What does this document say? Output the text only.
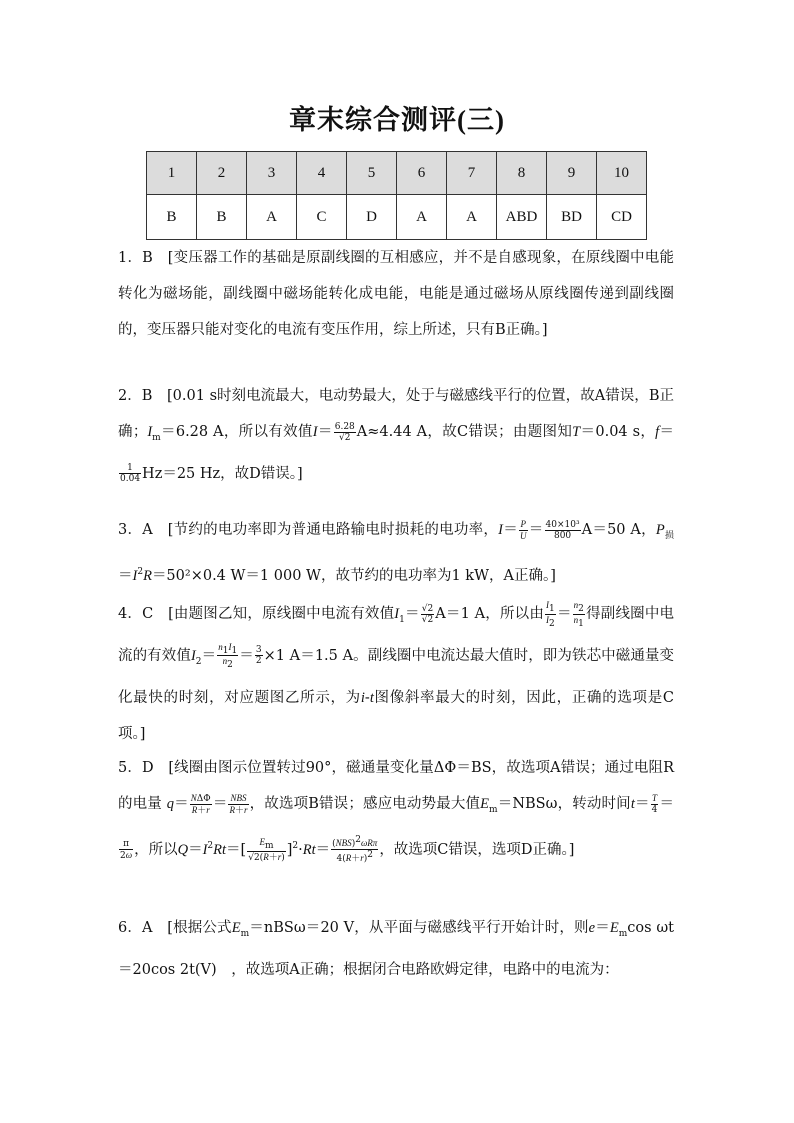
章末综合测评(三)
1	2	3	4	5	6	7	8	9	10
B	B	A	C	D	A	A	ABD	BD	CD

1．B　[变压器工作的基础是原副线圈的互相感应，并不是自感现象，在原线圈中电能转化为磁场能，副线圈中磁场能转化成电能，电能是通过磁场从原线圈传递到副线圈的，变压器只能对变化的电流有变压作用，综上所述，只有B正确。]

2．B　[0.01 s时刻电流最大，电动势最大，处于与磁感线平行的位置，故A错误，B正确；$I_m=6.28$ A，所以有效值$I= \frac{6.28}{√2} A\approx 4.44$ A，故C错误；由题图知T＝0.04 s，f＝
$\frac{1}{0.04} Hz=25$ Hz，故D错误。]

3．A　[节约的电功率即为普通电路输电时损耗的电功率，$I= \frac{P}{U} = \frac{\text{40×10³}}{800} A=50$ A，$P_损=I^2R=50^2\times 0.4$ W＝1 000 W，故节约的电功率为1 kW，A正确。]

4．C　[由题图乙知，原线圈中电流有效值$I_1= \frac{√2}{√2} A=1$ A，所以由 $\frac{I_1}{I_2} = \frac{n_2}{n_1}$ 得副线圈中电流的有效值$I_2= \frac{n_1I_1}{n_2} = \frac{3}{2} \times 1$ A＝1.5 A。副线圈中电流达最大值时，即为铁芯中磁通量变化最快的时刻，对应题图乙所示，为i-t图像斜率最大的时刻，因此，正确的选项是C项。]

5．D　[线圈由图示位置转过90°，磁通量变化量ΔΦ＝BS，故选项A错误；通过电阻R的电量 $q= \frac{\text{NΔΦ}}{R+r} = \frac{\text{NBS}}{R+r}$ ，故选项B错误；感应电动势最大值$E_m=NBS\omega$，转动时间$t= \frac{T}{4}$ ＝
$\frac{\pi}{2\omega}$ ，所以$Q=I^2Rt=[ \frac{E_m}{√2(R+r)} ]^2\cdot Rt= \frac{(NBS)^2\omega R\pi}{4(R+r)^2}$ ，故选项C错误，选项D正确。]

6．A　[根据公式$E_m=nBS\omega=20$ V，从平面与磁感线平行开始计时，则$e=E_m\cos$ ωt＝20cos 2t(V)　，故选项A正确；根据闭合电路欧姆定律，电路中的电流为：
